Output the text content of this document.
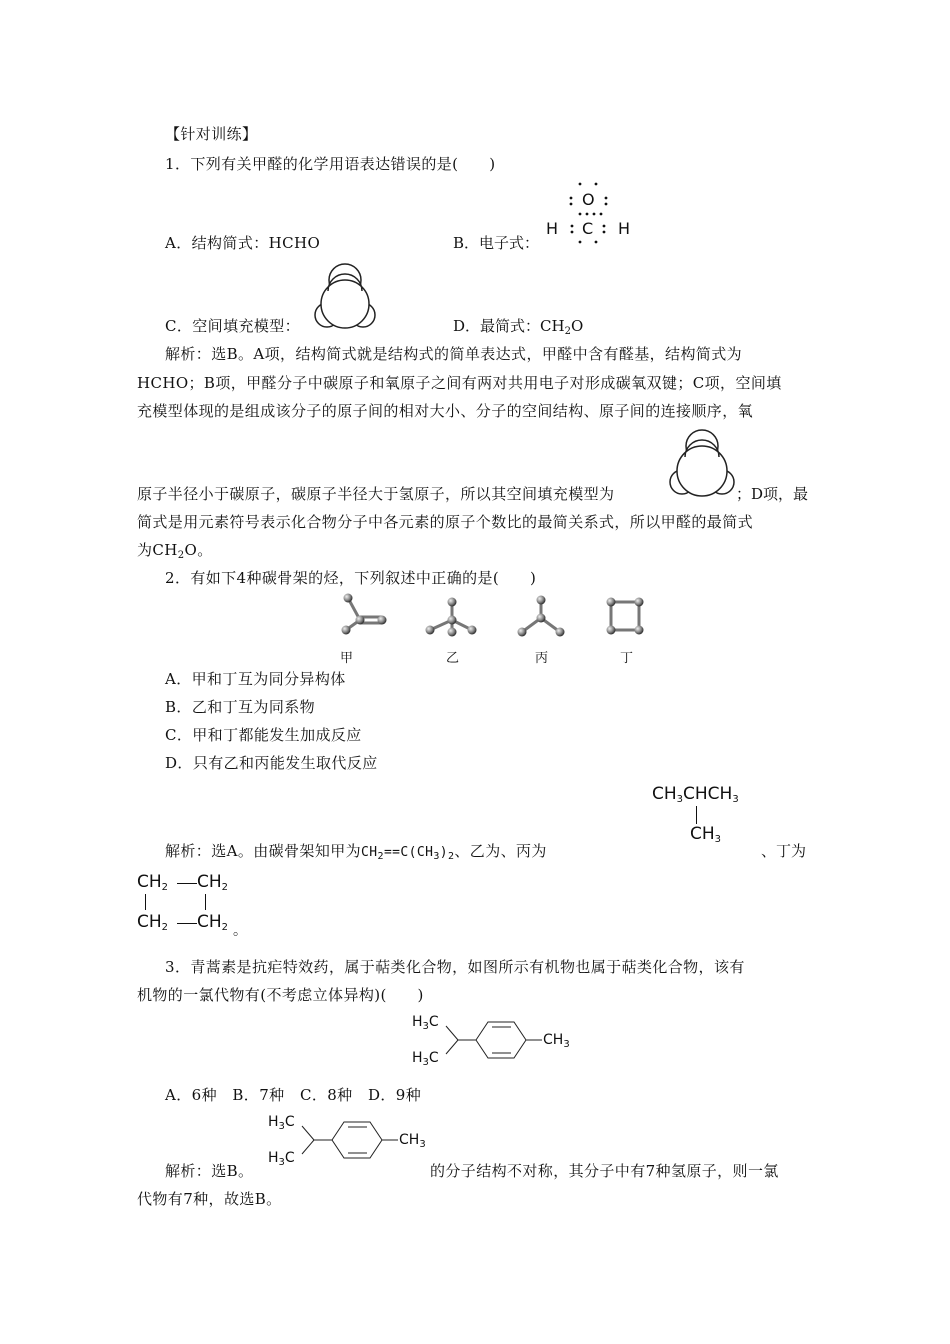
【针对训练】
1．下列有关甲醛的化学用语表达错误的是(　　)
O
C
H	H
A．结构简式：HCHO	B．电子式：
C．空间填充模型：	D．最简式：$CH_2O$
解析：选B。A项，结构简式就是结构式的简单表达式，甲醛中含有醛基，结构简式为
HCHO；B项，甲醛分子中碳原子和氧原子之间有两对共用电子对形成碳氧双键；C项，空间填
充模型体现的是组成该分子的原子间的相对大小、分子的空间结构、原子间的连接顺序，氧
原子半径小于碳原子，碳原子半径大于氢原子，所以其空间填充模型为	；D项，最
简式是用元素符号表示化合物分子中各元素的原子个数比的最简关系式，所以甲醛的最简式
为$CH_2O$。
2．有如下4种碳骨架的烃，下列叙述中正确的是(　　)
甲	乙	丙	丁
A．甲和丁互为同分异构体
B．乙和丁互为同系物
C．甲和丁都能发生加成反应
D．只有乙和丙能发生取代反应
$CH_3CHCH_3$
$CH_3$
解析：选A。由碳骨架知甲为$CH_2==C(CH_3)_2$、乙为、丙为	、丁为
$CH_2$ $CH_2$
$CH_2$ $CH_2$ 。
3．青蒿素是抗疟特效药，属于萜类化合物，如图所示有机物也属于萜类化合物，该有
机物的一氯代物有(不考虑立体异构)(　　)
$H_3C$
$H_3C$
$CH_3$
A．6种　B．7种　C．8种　D．9种
$H_3C$
$H_3C$
$CH_3$
解析：选B。	的分子结构不对称，其分子中有7种氢原子，则一氯
代物有7种，故选B。
